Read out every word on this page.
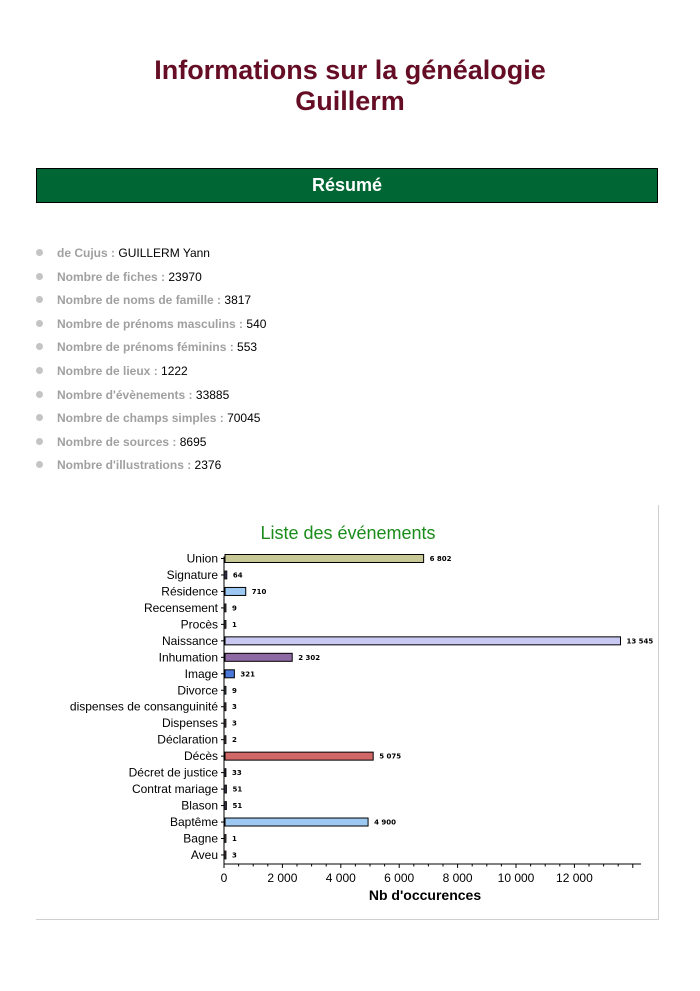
Informations sur la généalogie
Guillerm
Résumé
de Cujus : GUILLERM Yann
Nombre de fiches : 23970
Nombre de noms de famille : 3817
Nombre de prénoms masculins : 540
Nombre de prénoms féminins : 553
Nombre de lieux : 1222
Nombre d'évènements : 33885
Nombre de champs simples : 70045
Nombre de sources : 8695
Nombre d'illustrations : 2376
Liste des événements
6 802
64
710
9
1
13 545
2 302
321
9
3
3
2
5 075
33
51
51
4 900
1
3
Union
Signature
Résidence
Recensement
Procès
Naissance
Inhumation
Image
Divorce
dispenses de consanguinité
Dispenses
Déclaration
Décès
Décret de justice
Contrat mariage
Blason
Baptême
Bagne
Aveu
0	2 000 4 000 6 000 8 000 10 000 12 000
Nb d'occurences
